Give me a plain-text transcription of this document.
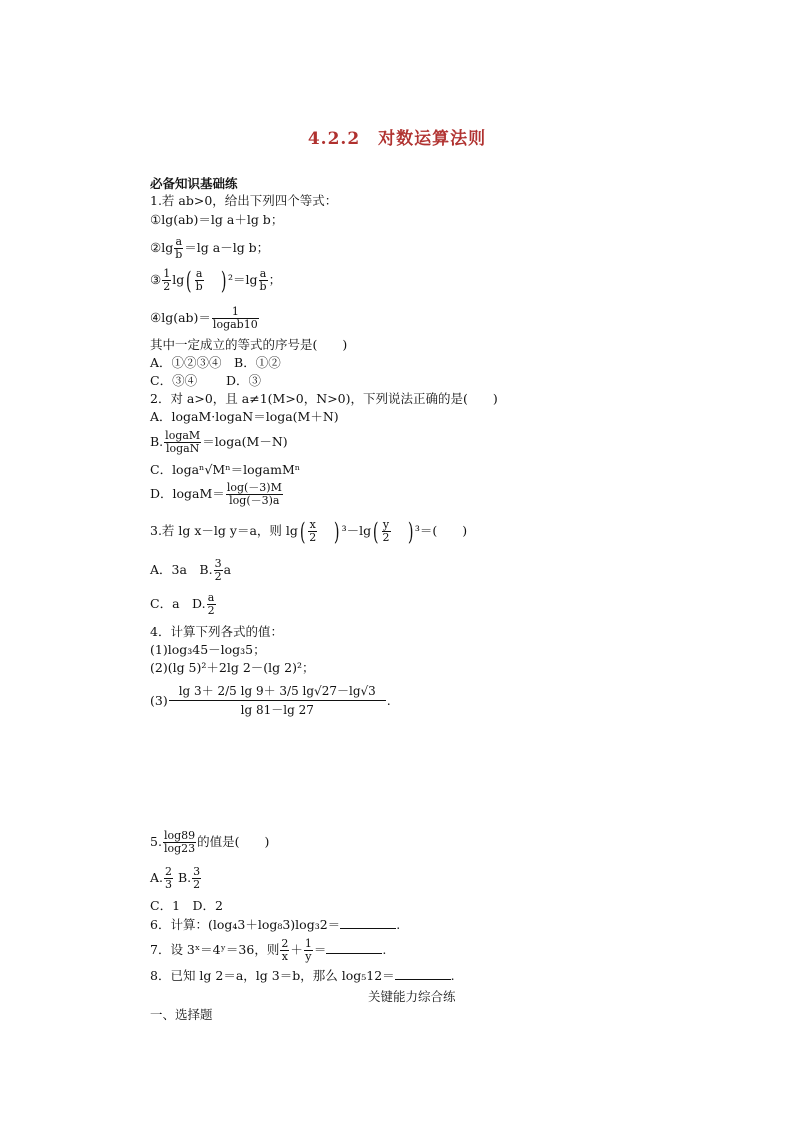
4.2.2　对数运算法则
必备知识基础练
1.若 ab>0，给出下列四个等式：
①lg(ab)＝lg a＋lg b；
②lg $\frac{a}{b} =\lg$ a－lg b；
③ $\frac{1}{2} \lg( \frac{a}{b}$ ) $^2=\lg \frac{a}{b}$ ；
④lg(ab)＝ $\frac{1}{\text{logab10}}$
其中一定成立的等式的序号是(　　)
A．①②③④　B．①②
C．③④　　 D．③
2．对 a>0，且 a≠1(M>0，N>0)，下列说法正确的是(　　)
A．logaM·logaN＝loga(M＋N)
B. $\frac{\text{logaM}}{\text{logaN}} =\log a(M-N)$
C．logaⁿ√Mⁿ＝logamMⁿ
D．logaM＝ $\frac{\log(-3)M}{\log(-3)a}$
3.若 lg x－lg y＝a，则 $\lg( \frac{x}{2}$ ) $^3-\lg( \frac{y}{2}$ ) ³＝(　　)
A．3a　B. $\frac{3}{2}$ a
C．a　D. $\frac{a}{2}$
4．计算下列各式的值：
(1)log₃45－log₃5；
(2)(lg 5)²＋2lg 2－(lg 2)²；
$(3) \frac{\lg 3+ 2/5 \lg 9+ 3/5 \lg√27-\lg√3}{\lg 81-\lg 27}$ .
5. $\frac{\log 89}{\log 23}$ 的值是(　　)
A. $\frac{2}{3} B$. $\frac{3}{2}$
C．1　D．2
6．计算：(log₄3＋log₈3)log₃2＝	.
7．设 3ˣ＝4ʸ＝36，则 $\frac{2}{x} + \frac{1}{y}$ ＝	.
8．已知 lg 2＝a，lg 3＝b，那么 log₅12＝	.
关键能力综合练
一、选择题
